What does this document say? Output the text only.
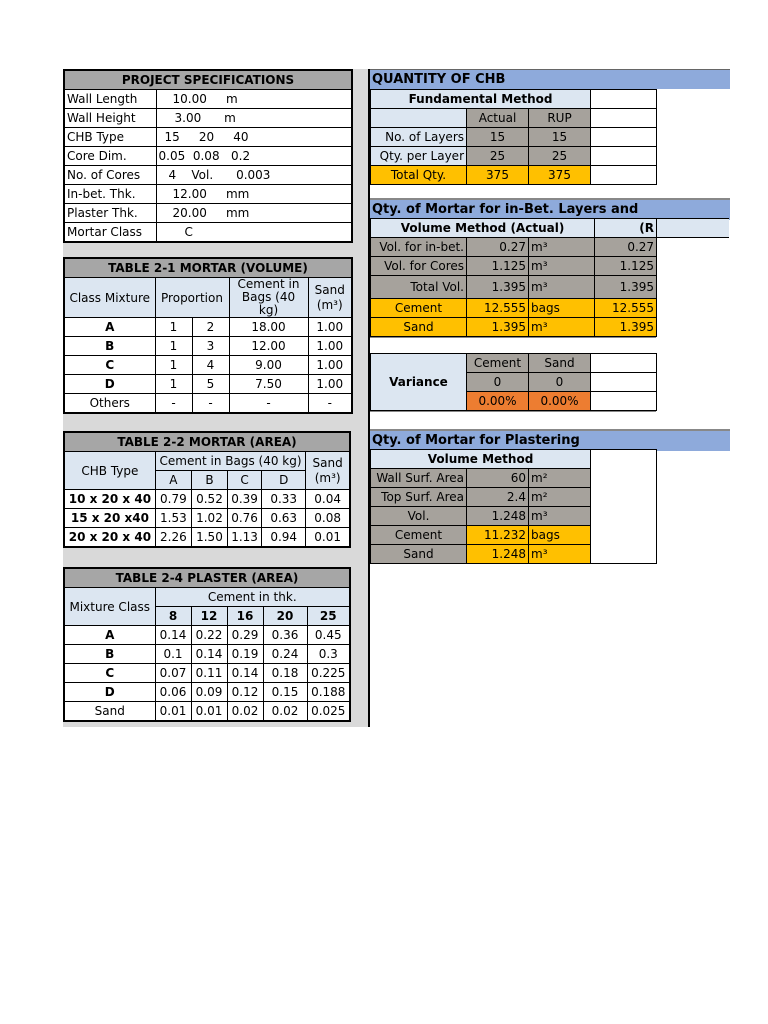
PROJECT SPECIFICATIONS	
Wall Length	10.00 m
Wall Height	3.00 m
CHB Type	15 20 40
Core Dim.	0.05 0.08 0.2
No. of Cores	4 Vol. 0.003
In-bet. Thk.	12.00 mm
Plaster Thk.	20.00 mm
Mortar Class	C
TABLE 2-1 MORTAR (VOLUME)				
Class Mixture	Proportion		Cement in Bags (40 kg)	Sand (m³)
A	1	2	18.00	1.00
B	1	3	12.00	1.00
C	1	4	9.00	1.00
D	1	5	7.50	1.00
Others	-	-	-	-
TABLE 2-2 MORTAR (AREA)					
CHB Type	Cement in Bags (40 kg)				Sand (m³)
	A	B	C	D	
10 x 20 x 40	0.79	0.52	0.39	0.33	0.04
15 x 20 x40	1.53	1.02	0.76	0.63	0.08
20 x 20 x 40	2.26	1.50	1.13	0.94	0.01
TABLE 2-4 PLASTER (AREA)					
Mixture Class	Cement in thk.				
	8	12	16	20	25
A	0.14	0.22	0.29	0.36	0.45
B	0.1	0.14	0.19	0.24	0.3
C	0.07	0.11	0.14	0.18	0.225
D	0.06	0.09	0.12	0.15	0.188
Sand	0.01	0.01	0.02	0.02	0.025
QUANTITY OF CHB
Fundamental Method			
	Actual	RUP	
No. of Layers	15	15	
Qty. per Layer	25	25	
Total Qty.	375	375	
Qty. of Mortar for in-Bet. Layers and
Volume Method (Actual)			(R	
Vol. for in-bet.	0.27	m³	0.27	
Vol. for Cores	1.125	m³	1.125	
Total Vol.	1.395	m³	1.395	
Cement	12.555	bags	12.555	
Sand	1.395	m³	1.395	
Variance	Cement	Sand	
	0	0	
	0.00%	0.00%	
Qty. of Mortar for Plastering
Volume Method			
Wall Surf. Area	60	m²	
Top Surf. Area	2.4	m²	
Vol.	1.248	m³	
Cement	11.232	bags	
Sand	1.248	m³	
